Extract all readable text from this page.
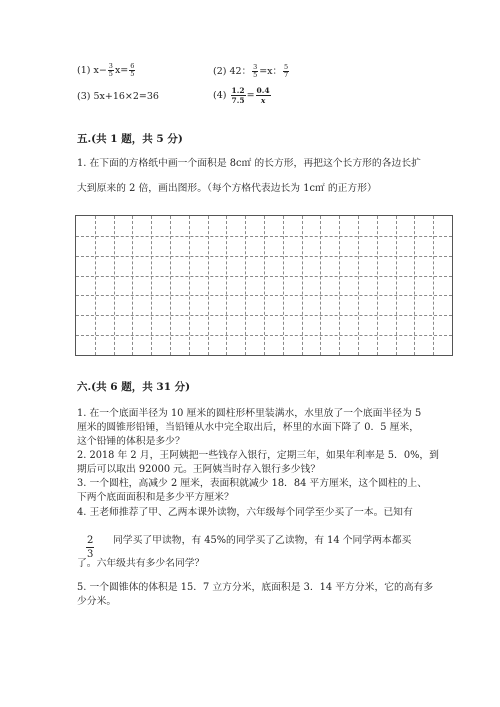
(1) $x- \frac{3}{5} x= \frac{6}{5}$	(2) 42： $\frac{3}{5} =x$： $\frac{5}{7}$
(3) 5x+16×2=36	$(4) \frac{1.2}{7.5} = \frac{0.4}{x}$
五.(共 1 题，共 5 分)
1. 在下面的方格纸中画一个面积是 8c㎡ 的长方形，再把这个长方形的各边长扩
大到原来的 2 倍，画出图形。（每个方格代表边长为 1c㎡ 的正方形）
六.(共 6 题，共 31 分)
1. 在一个底面半径为 10 厘米的圆柱形杯里装满水，水里放了一个底面半径为 5
厘米的圆锥形铅锤，当铅锤从水中完全取出后，杯里的水面下降了 0．5 厘米，
这个铅锤的体积是多少？
2. 2018 年 2 月，王阿姨把一些钱存入银行，定期三年，如果年利率是 5．0%，到
期后可以取出 92000 元。王阿姨当时存入银行多少钱？
3. 一个圆柱，高减少 2 厘米，表面积就减少 18．84 平方厘米，这个圆柱的上、
下两个底面面积和是多少平方厘米？
4. 王老师推荐了甲、乙两本课外读物，六年级每个同学至少买了一本。已知有
2
3
同学买了甲读物，有 45%的同学买了乙读物，有 14 个同学两本都买
了。六年级共有多少名同学？
5. 一个圆锥体的体积是 15．7 立方分米，底面积是 3．14 平方分米，它的高有多
少分米。
